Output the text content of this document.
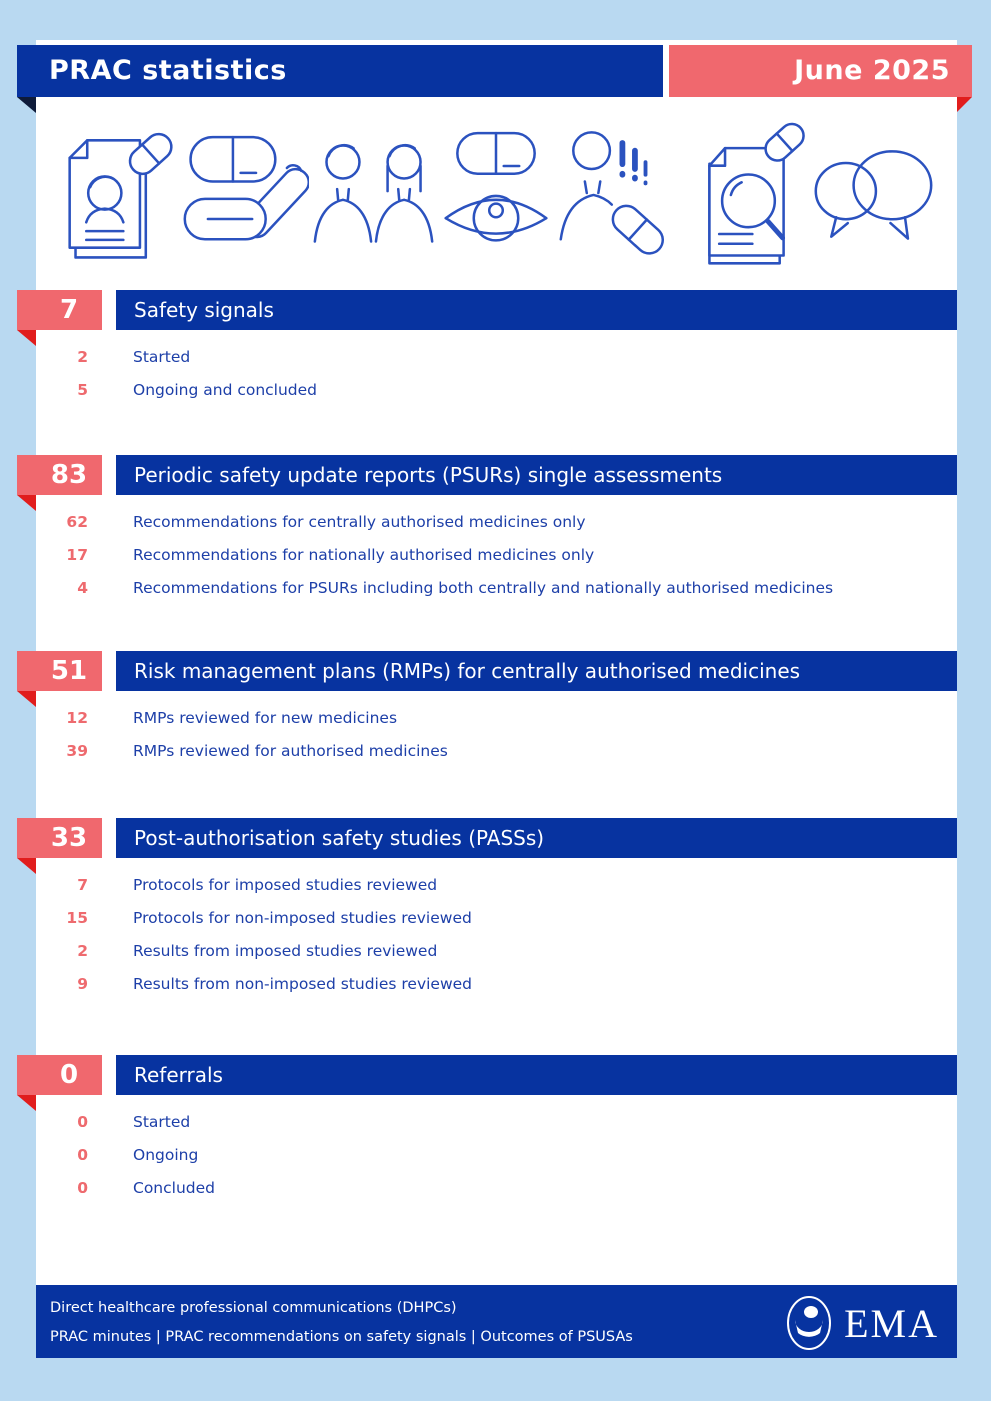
PRAC statistics	June 2025
7	Safety signals
2	Started
5	Ongoing and concluded
83	Periodic safety update reports (PSURs) single assessments
62	Recommendations for centrally authorised medicines only
17	Recommendations for nationally authorised medicines only
4	Recommendations for PSURs including both centrally and nationally authorised medicines
51	Risk management plans (RMPs) for centrally authorised medicines
12	RMPs reviewed for new medicines
39	RMPs reviewed for authorised medicines
33	Post-authorisation safety studies (PASSs)
7	Protocols for imposed studies reviewed
15	Protocols for non-imposed studies reviewed
2	Results from imposed studies reviewed
9	Results from non-imposed studies reviewed
0	Referrals
0	Started
0	Ongoing
0	Concluded
Direct healthcare professional communications (DHPCs)
PRAC minutes | PRAC recommendations on safety signals | Outcomes of PSUSAs	EMA
